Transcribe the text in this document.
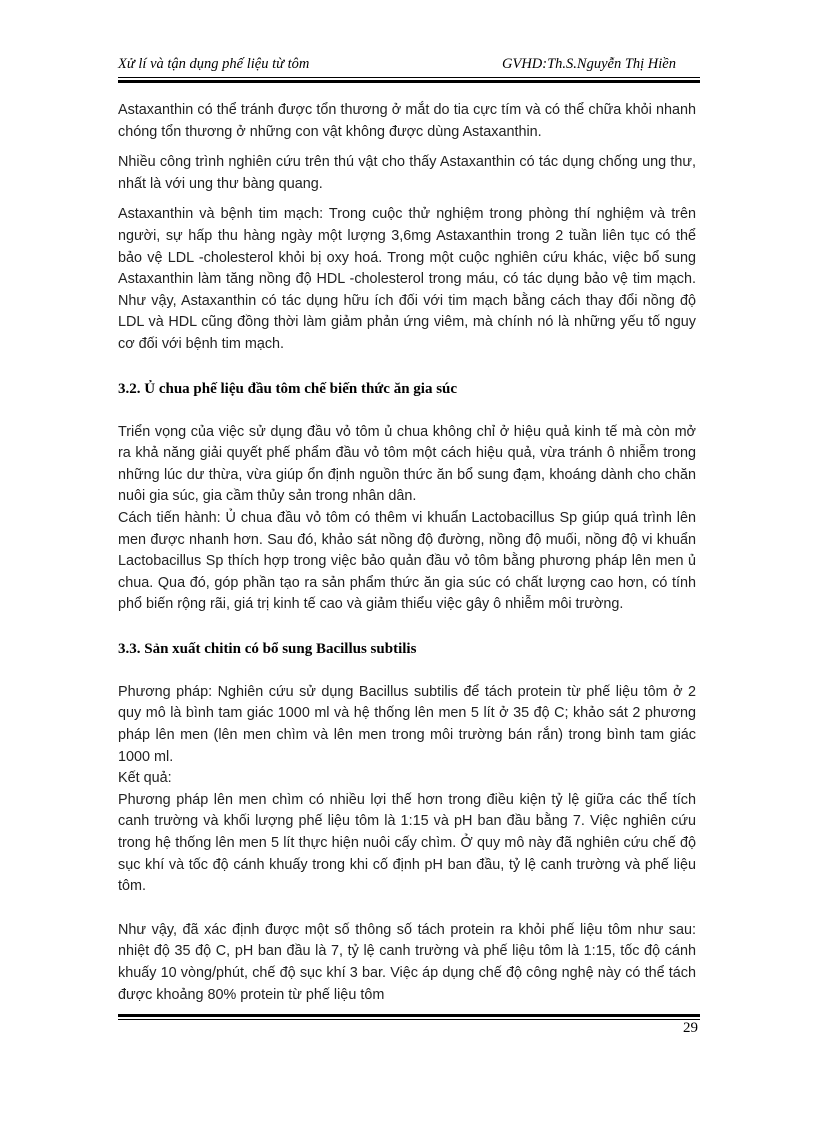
Xử lí và tận dụng phế liệu từ tôm	GVHD:Th.S.Nguyễn Thị Hiền

Astaxanthin có thể tránh được tổn thương ở mắt do tia cực tím và có thể chữa khỏi nhanh chóng tổn thương ở những con vật không được dùng Astaxanthin.

Nhiều công trình nghiên cứu trên thú vật cho thấy Astaxanthin có tác dụng chống ung thư, nhất là với ung thư bàng quang.

Astaxanthin và bệnh tim mạch: Trong cuộc thử nghiệm trong phòng thí nghiệm và trên người, sự hấp thu hàng ngày một lượng 3,6mg Astaxanthin trong 2 tuần liên tục có thể bảo vệ LDL -cholesterol khỏi bị oxy hoá. Trong một cuộc nghiên cứu khác, việc bổ sung Astaxanthin làm tăng nồng độ HDL -cholesterol trong máu, có tác dụng bảo vệ tim mạch. Như vậy, Astaxanthin có tác dụng hữu ích đối với tim mạch bằng cách thay đổi nồng độ LDL và HDL cũng đồng thời làm giảm phản ứng viêm, mà chính nó là những yếu tố nguy cơ đối với bệnh tim mạch.

3.2. Ủ chua phế liệu đầu tôm chế biến thức ăn gia súc

Triển vọng của việc sử dụng đầu vỏ tôm ủ chua không chỉ ở hiệu quả kinh tế mà còn mở ra khả năng giải quyết phế phẩm đầu vỏ tôm một cách hiệu quả, vừa tránh ô nhiễm trong những lúc dư thừa, vừa giúp ổn định nguồn thức ăn bổ sung đạm, khoáng dành cho chăn nuôi gia súc, gia cầm thủy sản trong nhân dân.

Cách tiến hành: Ủ chua đầu vỏ tôm có thêm vi khuẩn Lactobacillus Sp giúp quá trình lên men được nhanh hơn. Sau đó, khảo sát nồng độ đường, nồng độ muối, nồng độ vi khuẩn Lactobacillus Sp thích hợp trong việc bảo quản đầu vỏ tôm bằng phương pháp lên men ủ chua. Qua đó, góp phần tạo ra sản phẩm thức ăn gia súc có chất lượng cao hơn, có tính phổ biến rộng rãi, giá trị kinh tế cao và giảm thiểu việc gây ô nhiễm môi trường.

3.3. Sản xuất chitin có bổ sung Bacillus subtilis

Phương pháp: Nghiên cứu sử dụng Bacillus subtilis để tách protein từ phế liệu tôm ở 2 quy mô là bình tam giác 1000 ml và hệ thống lên men 5 lít ở 35 độ C; khảo sát 2 phương pháp lên men (lên men chìm và lên men trong môi trường bán rắn) trong bình tam giác 1000 ml.

Kết quả:

Phương pháp lên men chìm có nhiều lợi thế hơn trong điều kiện tỷ lệ giữa các thể tích canh trường và khối lượng phế liệu tôm là 1:15 và pH ban đầu bằng 7. Việc nghiên cứu trong hệ thống lên men 5 lít thực hiện nuôi cấy chìm. Ở quy mô này đã nghiên cứu chế độ sục khí và tốc độ cánh khuấy trong khi cố định pH ban đầu, tỷ lệ canh trường và phế liệu tôm.

Như vậy, đã xác định được một số thông số tách protein ra khỏi phế liệu tôm như sau: nhiệt độ 35 độ C, pH ban đầu là 7, tỷ lệ canh trường và phế liệu tôm là 1:15, tốc độ cánh khuấy 10 vòng/phút, chế độ sục khí 3 bar. Việc áp dụng chế độ công nghệ này có thể tách được khoảng 80% protein từ phế liệu tôm

29
